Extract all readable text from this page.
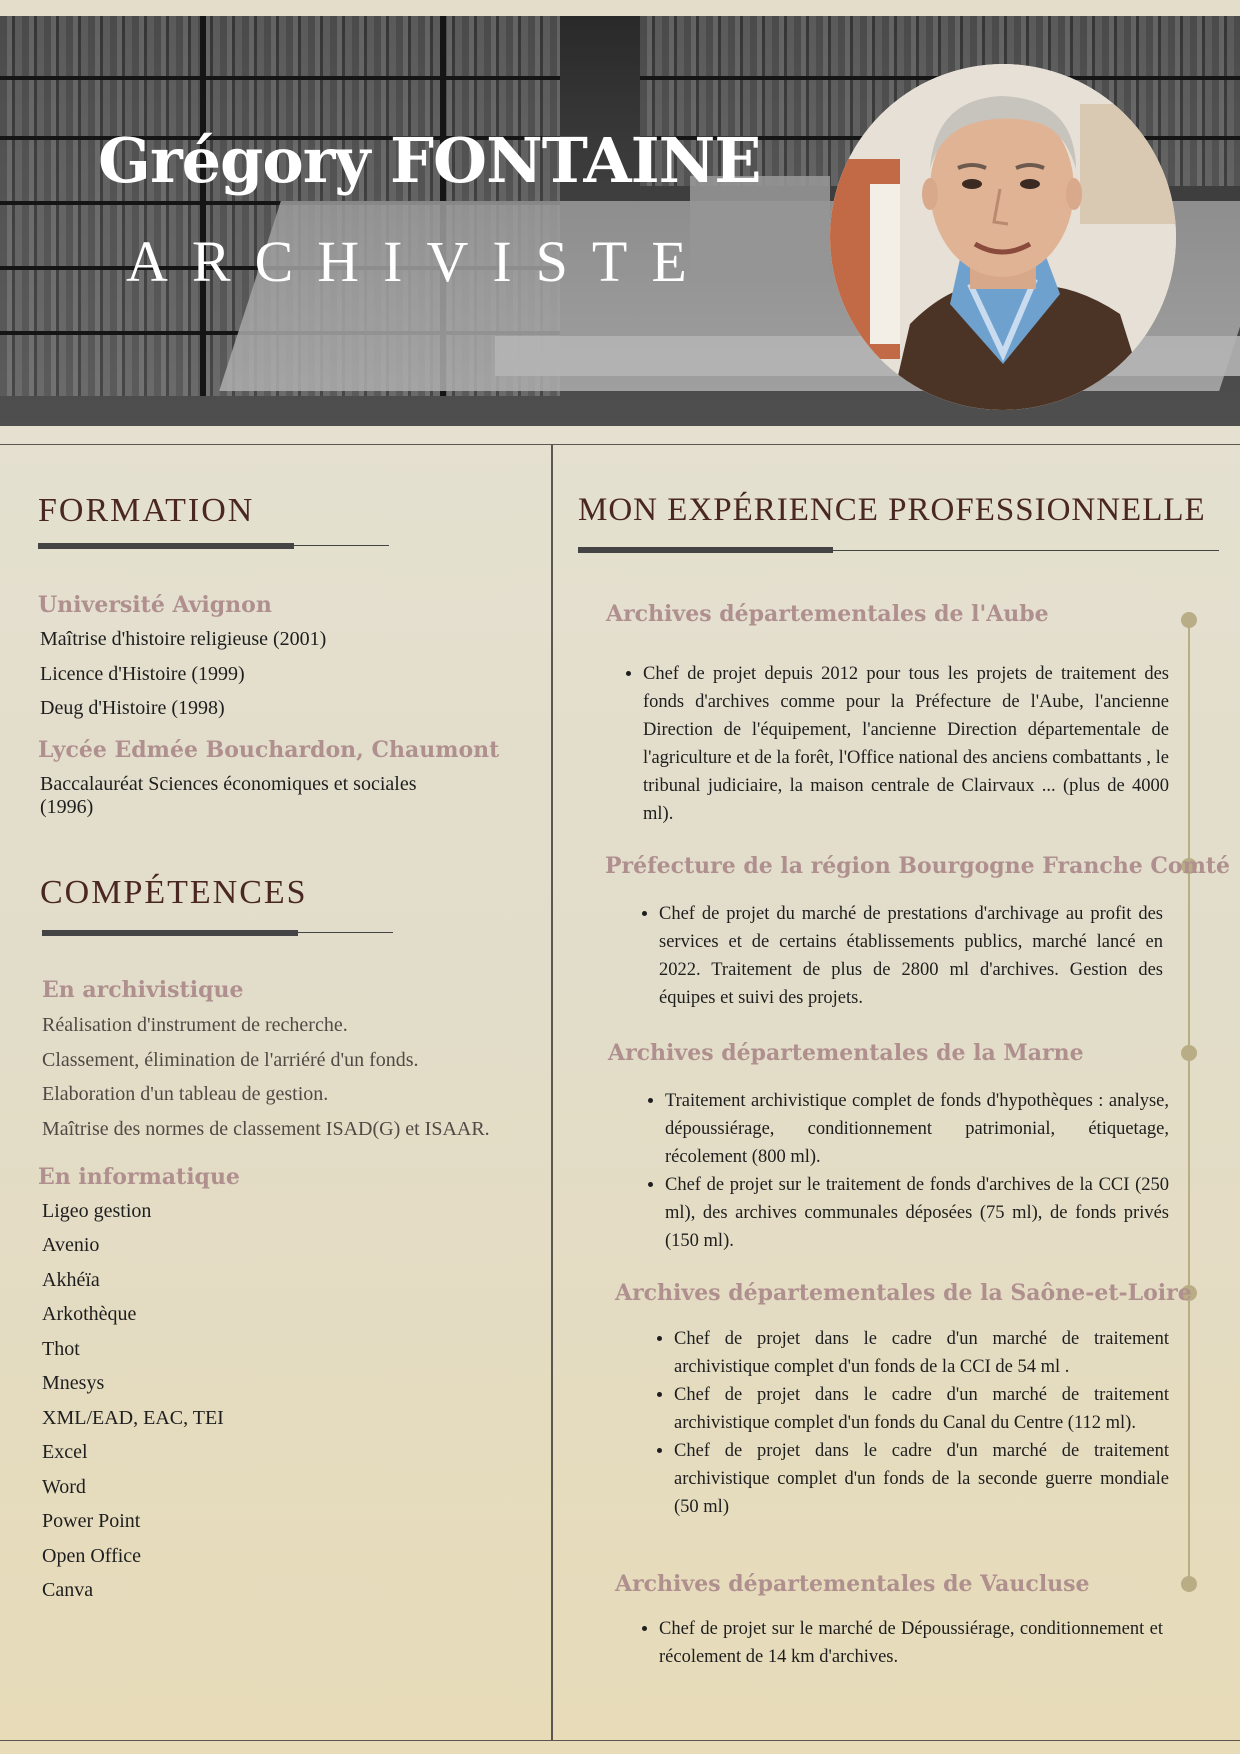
Grégory FONTAINE
ARCHIVISTE
FORMATION
Université Avignon

Maîtrise d'histoire religieuse (2001)

Licence d'Histoire (1999)

Deug d'Histoire (1998)

Lycée Edmée Bouchardon, Chaumont

Baccalauréat Sciences économiques et sociales (1996)

COMPÉTENCES
En archivistique

Réalisation d'instrument de recherche.

Classement, élimination de l'arriéré d'un fonds.

Elaboration d'un tableau de gestion.

Maîtrise des normes de classement ISAD(G) et ISAAR.

En informatique

Ligeo gestion

Avenio

Akhéïa

Arkothèque

Thot

Mnesys

XML/EAD, EAC, TEI

Excel

Word

Power Point

Open Office

Canva

MON EXPÉRIENCE PROFESSIONNELLE
Archives départementales de l'Aube
• Chef de projet depuis 2012 pour tous les projets de traitement des fonds d'archives comme pour la Préfecture de l'Aube, l'ancienne Direction de l'équipement, l'ancienne Direction départementale de l'agriculture et de la forêt, l'Office national des anciens combattants , le tribunal judiciaire, la maison centrale de Clairvaux ... (plus de 4000 ml).
Préfecture de la région Bourgogne Franche Comté
• Chef de projet du marché de prestations d'archivage au profit des services et de certains établissements publics, marché lancé en 2022. Traitement de plus de 2800 ml d'archives. Gestion des équipes et suivi des projets.
Archives départementales de la Marne
• Traitement archivistique complet de fonds d'hypothèques : analyse, dépoussiérage, conditionnement patrimonial, étiquetage, récolement (800 ml).
• Chef de projet sur le traitement de fonds d'archives de la CCI (250 ml), des archives communales déposées (75 ml), de fonds privés (150 ml).
Archives départementales de la Saône-et-Loire
• Chef de projet dans le cadre d'un marché de traitement archivistique complet d'un fonds de la CCI de 54 ml .
• Chef de projet dans le cadre d'un marché de traitement archivistique complet d'un fonds du Canal du Centre (112 ml).
• Chef de projet dans le cadre d'un marché de traitement archivistique complet d'un fonds de la seconde guerre mondiale (50 ml)
Archives départementales de Vaucluse
• Chef de projet sur le marché de Dépoussiérage, conditionnement et récolement de 14 km d'archives.
